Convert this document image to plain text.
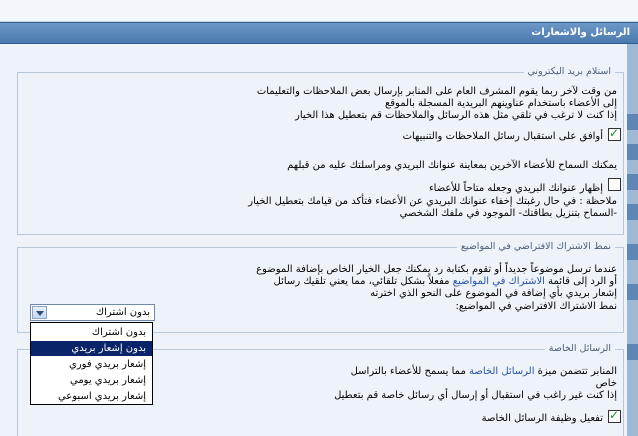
الرسائل والاشعارات
استلام بريد اليكتروني
من وقت لآخر ربما يقوم المشرف العام على المنابر بإرسال بعض الملاحظات والتعليمات
إلى الأعضاء باستخدام عناوينهم البريدية المسجلة بالموقع
إذا كنت لا ترغب في تلقي مثل هذه الرسائل والملاحظات قم بتعطيل هذا الخيار
أوافق على استقبال رسائل الملاحظات والتنبيهات
✓
يمكنك السماح للأعضاء الآخرين بمعاينة عنوانك البريدي ومراسلتك عليه من قبلهم
إظهار عنوانك البريدي وجعله متاحاً للأعضاء
ملاحظة : في حال رغبتك إخفاء عنوانك البريدي عن الأعضاء فتأكد من قيامك بتعطيل الخيار
-السماح بتنزيل بطاقتك- الموجود في ملفك الشخصي
نمط الاشتراك الافتراضي في المواضيع
عندما ترسل موضوعاً جديداً أو تقوم بكتابة رد يمكنك جعل الخيار الخاص بإضافة الموضوع
أو الرد إلى قائمة الاشتراك في المواضيع مفعلاً بشكل تلقائي، مما يعني تلقيك رسائل
إشعار بريدي بأي إضافة في الموضوع على النحو الذي اخترته
نمط الاشتراك الافتراضي في المواضيع:
الرسائل الخاصة
المنابر تتضمن ميزة الرسائل الخاصة مما يسمح للأعضاء بالتراسل
خاص
إذا كنت غير راغب في استقبال أو إرسال أي رسائل خاصة قم بتعطيل
تفعيل وظيفة الرسائل الخاصة
✓
بدون اشتراك
بدون اشتراك
بدون إشعار بريدي
إشعار بريدي فوري
إشعار بريدي يومي
إشعار بريدي اسبوعي
